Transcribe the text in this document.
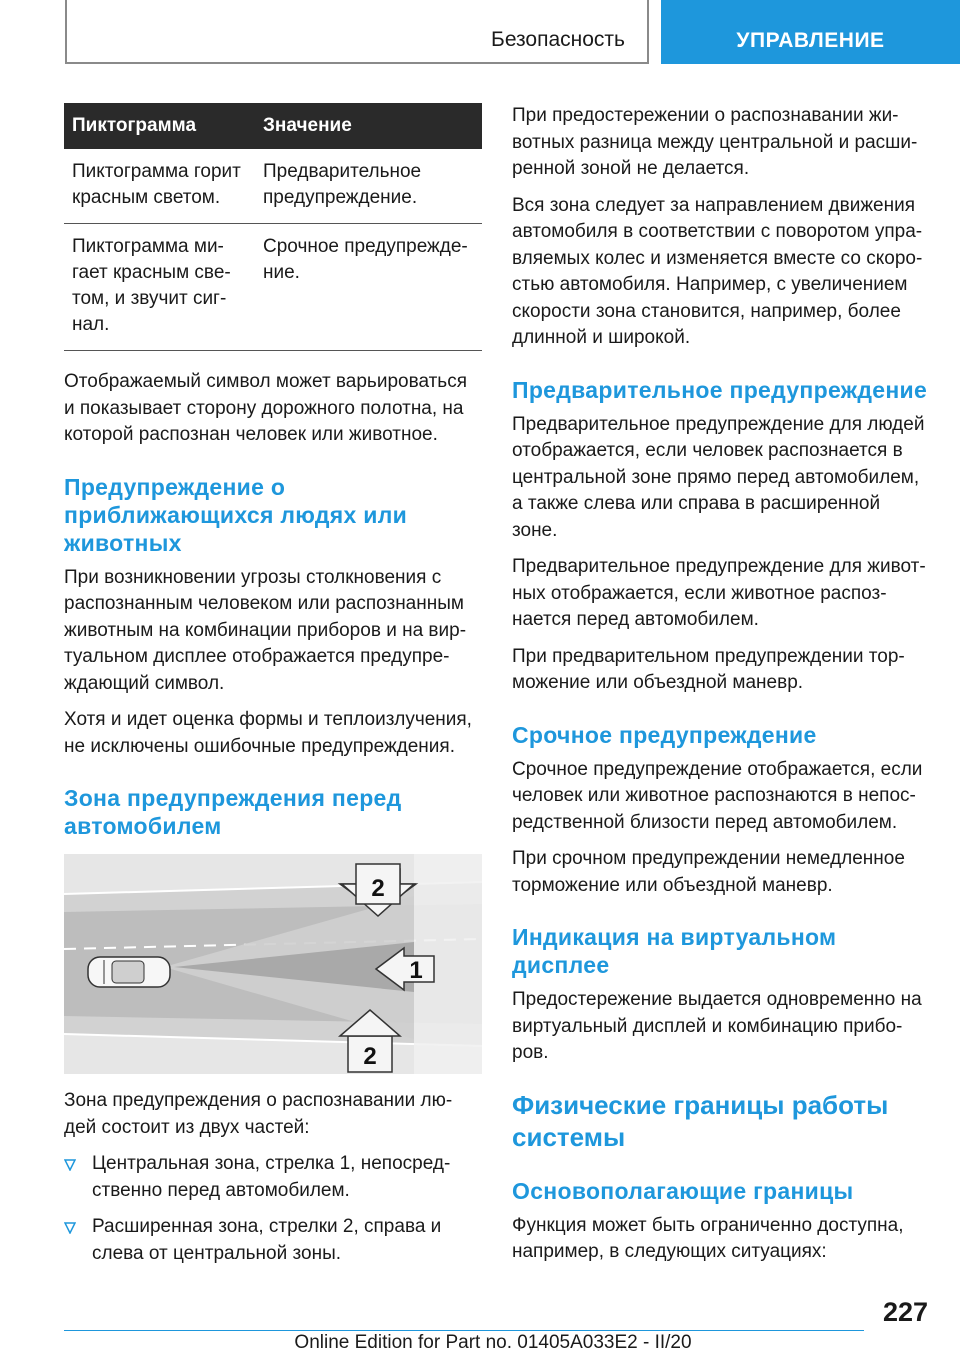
Безопасность	УПРАВЛЕНИЕ
Пиктограмма	Значение
Пиктограмма горит красным светом.	Предварительное предупреждение.
Пиктограмма ми-гает красным све-том, и звучит сиг-нал.	Срочное предупрежде-ние.

Отображаемый символ может варьироваться и показывает сторону дорожного полотна, на которой распознан человек или животное.

Предупреждение о приближающихся людях или животных

При возникновении угрозы столкновения с распознанным человеком или распознанным животным на комбинации приборов и на вир-туальном дисплее отображается предупре-ждающий символ.

Хотя и идет оценка формы и теплоизлучения, не исключены ошибочные предупреждения.

Зона предупреждения перед автомобилем
2
1
2

Зона предупреждения о распознавании лю-дей состоит из двух частей:

Центральная зона, стрелка 1, непосред-ственно перед автомобилем.
Расширенная зона, стрелки 2, справа и слева от центральной зоны.

При предостережении о распознавании жи-вотных разница между центральной и расши-ренной зоной не делается.

Вся зона следует за направлением движения автомобиля в соответствии с поворотом упра-вляемых колес и изменяется вместе со скоро-стью автомобиля. Например, с увеличением скорости зона становится, например, более длинной и широкой.

Предварительное предупреждение

Предварительное предупреждение для людей отображается, если человек распознается в центральной зоне прямо перед автомобилем, а также слева или справа в расширенной зоне.

Предварительное предупреждение для живот-ных отображается, если животное распоз-нается перед автомобилем.

При предварительном предупреждении тор-можение или объездной маневр.

Срочное предупреждение

Срочное предупреждение отображается, если человек или животное распознаются в непос-редственной близости перед автомобилем.

При срочном предупреждении немедленное торможение или объездной маневр.

Индикация на виртуальном дисплее

Предостережение выдается одновременно на виртуальный дисплей и комбинацию прибо-ров.

Физические границы работы системы
Основополагающие границы

Функция может быть ограниченно доступна, например, в следующих ситуациях:

227
Online Edition for Part no. 01405A033E2 - II/20
